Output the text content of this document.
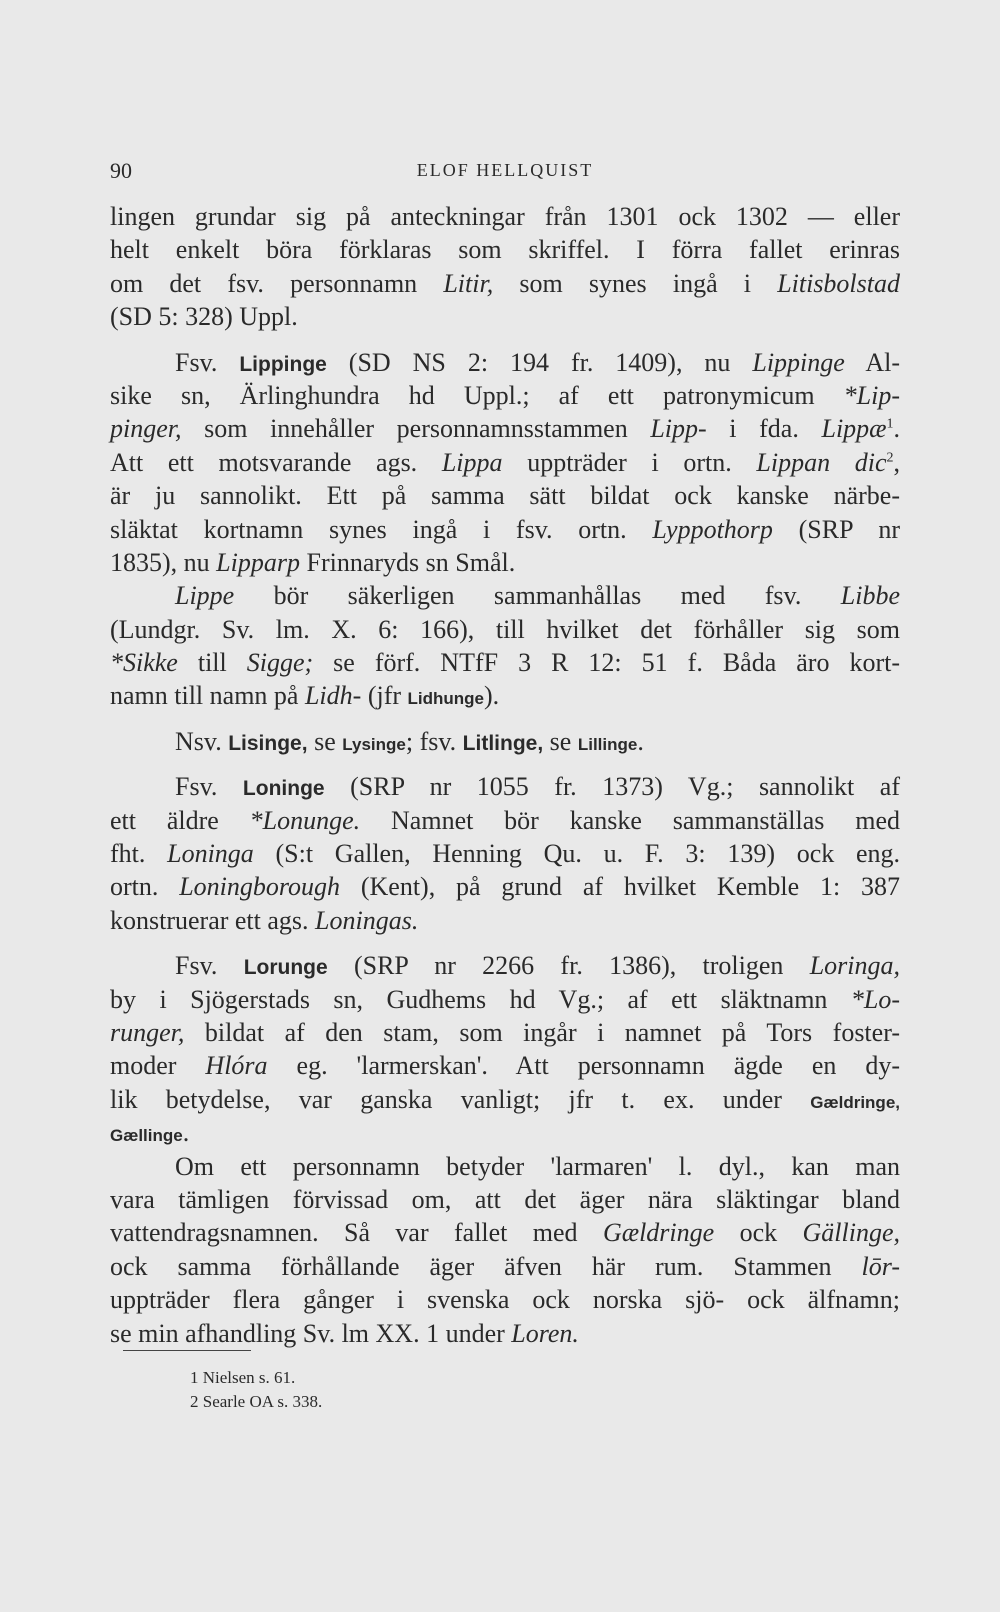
90	ELOF HELLQUIST
lingen grundar sig på anteckningar från 1301 ock 1302 — eller
helt enkelt böra förklaras som skriffel. I förra fallet erinras
om det fsv. personnamn Litir, som synes ingå i Litisbolstad
(SD 5: 328) Uppl.
Fsv. Lippinge (SD NS 2: 194 fr. 1409), nu Lippinge Al-
sike sn, Ärlinghundra hd Uppl.; af ett patronymicum *Lip-
pinger, som innehåller personnamnsstammen Lipp- i fda. Lippæ$^1$.
Att ett motsvarande ags. Lippa uppträder i ortn. Lippan dic$^2$,
är ju sannolikt. Ett på samma sätt bildat ock kanske närbe-
släktat kortnamn synes ingå i fsv. ortn. Lyppothorp (SRP nr
1835), nu Lipparp Frinnaryds sn Smål.
Lippe bör säkerligen sammanhållas med fsv. Libbe
(Lundgr. Sv. lm. X. 6: 166), till hvilket det förhåller sig som
*Sikke till Sigge; se förf. NTfF 3 R 12: 51 f. Båda äro kort-
namn till namn på Lidh- (jfr Lidhunge).
Nsv. Lisinge, se Lysinge; fsv. Litlinge, se Lillinge.
Fsv. Loninge (SRP nr 1055 fr. 1373) Vg.; sannolikt af
ett äldre *Lonunge. Namnet bör kanske sammanställas med
fht. Loninga (S:t Gallen, Henning Qu. u. F. 3: 139) ock eng.
ortn. Loningborough (Kent), på grund af hvilket Kemble 1: 387
konstruerar ett ags. Loningas.
Fsv. Lorunge (SRP nr 2266 fr. 1386), troligen Loringa,
by i Sjögerstads sn, Gudhems hd Vg.; af ett släktnamn *Lo-
runger, bildat af den stam, som ingår i namnet på Tors foster-
moder Hlóra eg. 'larmerskan'. Att personnamn ägde en dy-
lik betydelse, var ganska vanligt; jfr t. ex. under Gældringe,
Gællinge.
Om ett personnamn betyder 'larmaren' l. dyl., kan man
vara tämligen förvissad om, att det äger nära släktingar bland
vattendragsnamnen. Så var fallet med Gældringe ock Gällinge,
ock samma förhållande äger äfven här rum. Stammen lōr-
uppträder flera gånger i svenska ock norska sjö- ock älfnamn;
se min afhandling Sv. lm XX. 1 under Loren.
1 Nielsen s. 61.
2 Searle OA s. 338.
